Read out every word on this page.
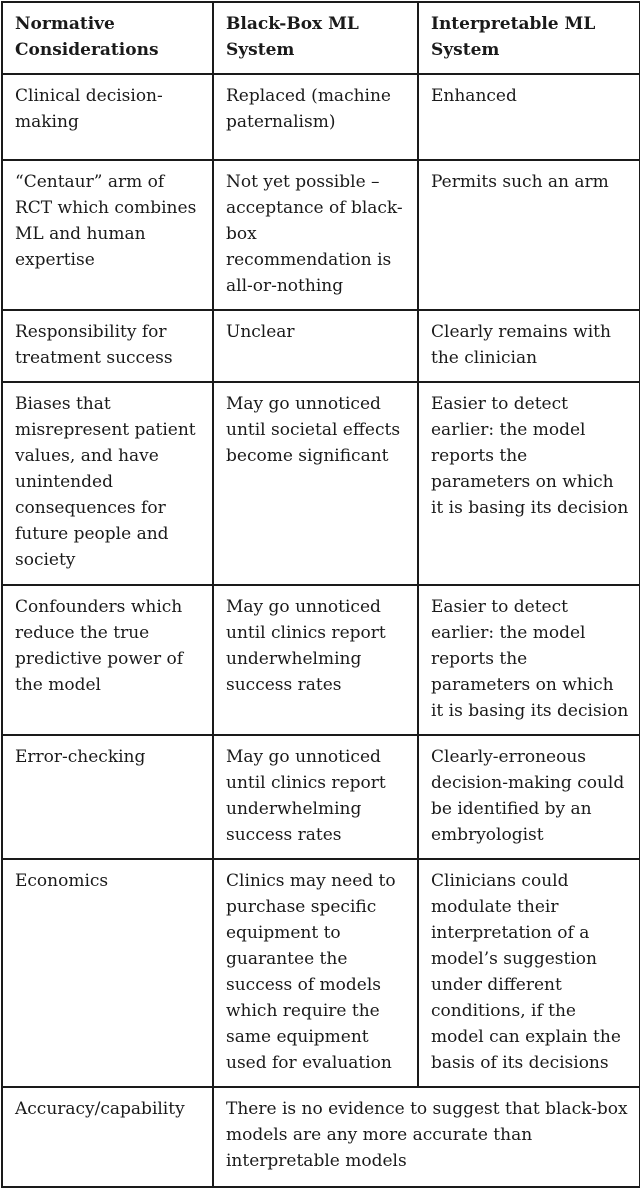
Normative Considerations	Black-Box ML System	Interpretable ML System
Clinical decision-making	Replaced (machine paternalism)	Enhanced
“Centaur” arm of RCT which combines ML and human expertise	Not yet possible – acceptance of black-box recommendation is all-or-nothing	Permits such an arm
Responsibility for treatment success	Unclear	Clearly remains with the clinician
Biases that misrepresent patient values, and have unintended consequences for future people and society	May go unnoticed until societal effects become significant	Easier to detect earlier: the model reports the parameters on which it is basing its decision
Confounders which reduce the true predictive power of the model	May go unnoticed until clinics report underwhelming success rates	Easier to detect earlier: the model reports the parameters on which it is basing its decision
Error-checking	May go unnoticed until clinics report underwhelming success rates	Clearly-erroneous decision-making could be identified by an embryologist
Economics	Clinics may need to purchase specific equipment to guarantee the success of models which require the same equipment used for evaluation	Clinicians could modulate their interpretation of a model’s suggestion under different conditions, if the model can explain the basis of its decisions
Accuracy/capability	There is no evidence to suggest that black-box models are any more accurate than interpretable models	
